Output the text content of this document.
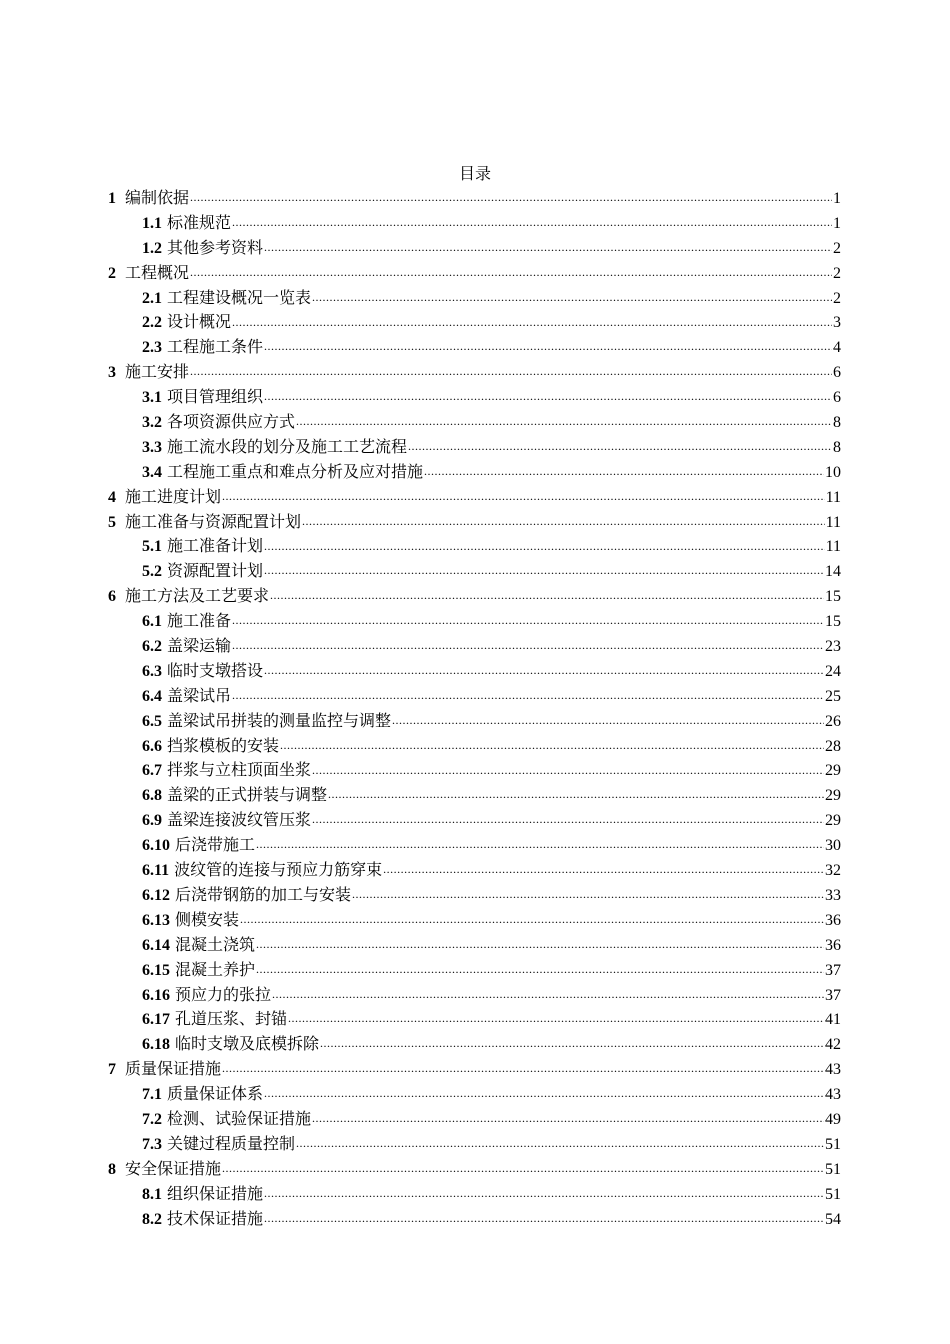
目录
1 编制依据 .....	1
1.1 标准规范 .....	1
1.2 其他参考资料 .....	2
2 工程概况 .....	2
2.1 工程建设概况一览表 .....	2
2.2 设计概况 .....	3
2.3 工程施工条件 .....	4
3 施工安排 .....	6
3.1 项目管理组织 .....	6
3.2 各项资源供应方式 .....	8
3.3 施工流水段的划分及施工工艺流程 .....	8
3.4 工程施工重点和难点分析及应对措施 .....	10
4 施工进度计划 .....	11
5 施工准备与资源配置计划 .....	11
5.1 施工准备计划 .....	11
5.2 资源配置计划 .....	14
6 施工方法及工艺要求 .....	15
6.1 施工准备 .....	15
6.2 盖梁运输 .....	23
6.3 临时支墩搭设 .....	24
6.4 盖梁试吊 .....	25
6.5 盖梁试吊拼装的测量监控与调整 .....	26
6.6 挡浆模板的安装 .....	28
6.7 拌浆与立柱顶面坐浆 .....	29
6.8 盖梁的正式拼装与调整 .....	29
6.9 盖梁连接波纹管压浆 .....	29
6.10 后浇带施工 .....	30
6.11 波纹管的连接与预应力筋穿束 .....	32
6.12 后浇带钢筋的加工与安装 .....	33
6.13 侧模安装 .....	36
6.14 混凝土浇筑 .....	36
6.15 混凝土养护 .....	37
6.16 预应力的张拉 .....	37
6.17 孔道压浆、封锚 .....	41
6.18 临时支墩及底模拆除 .....	42
7 质量保证措施 .....	43
7.1 质量保证体系 .....	43
7.2 检测、试验保证措施 .....	49
7.3 关键过程质量控制 .....	51
8 安全保证措施 .....	51
8.1 组织保证措施 .....	51
8.2 技术保证措施 .....	54
